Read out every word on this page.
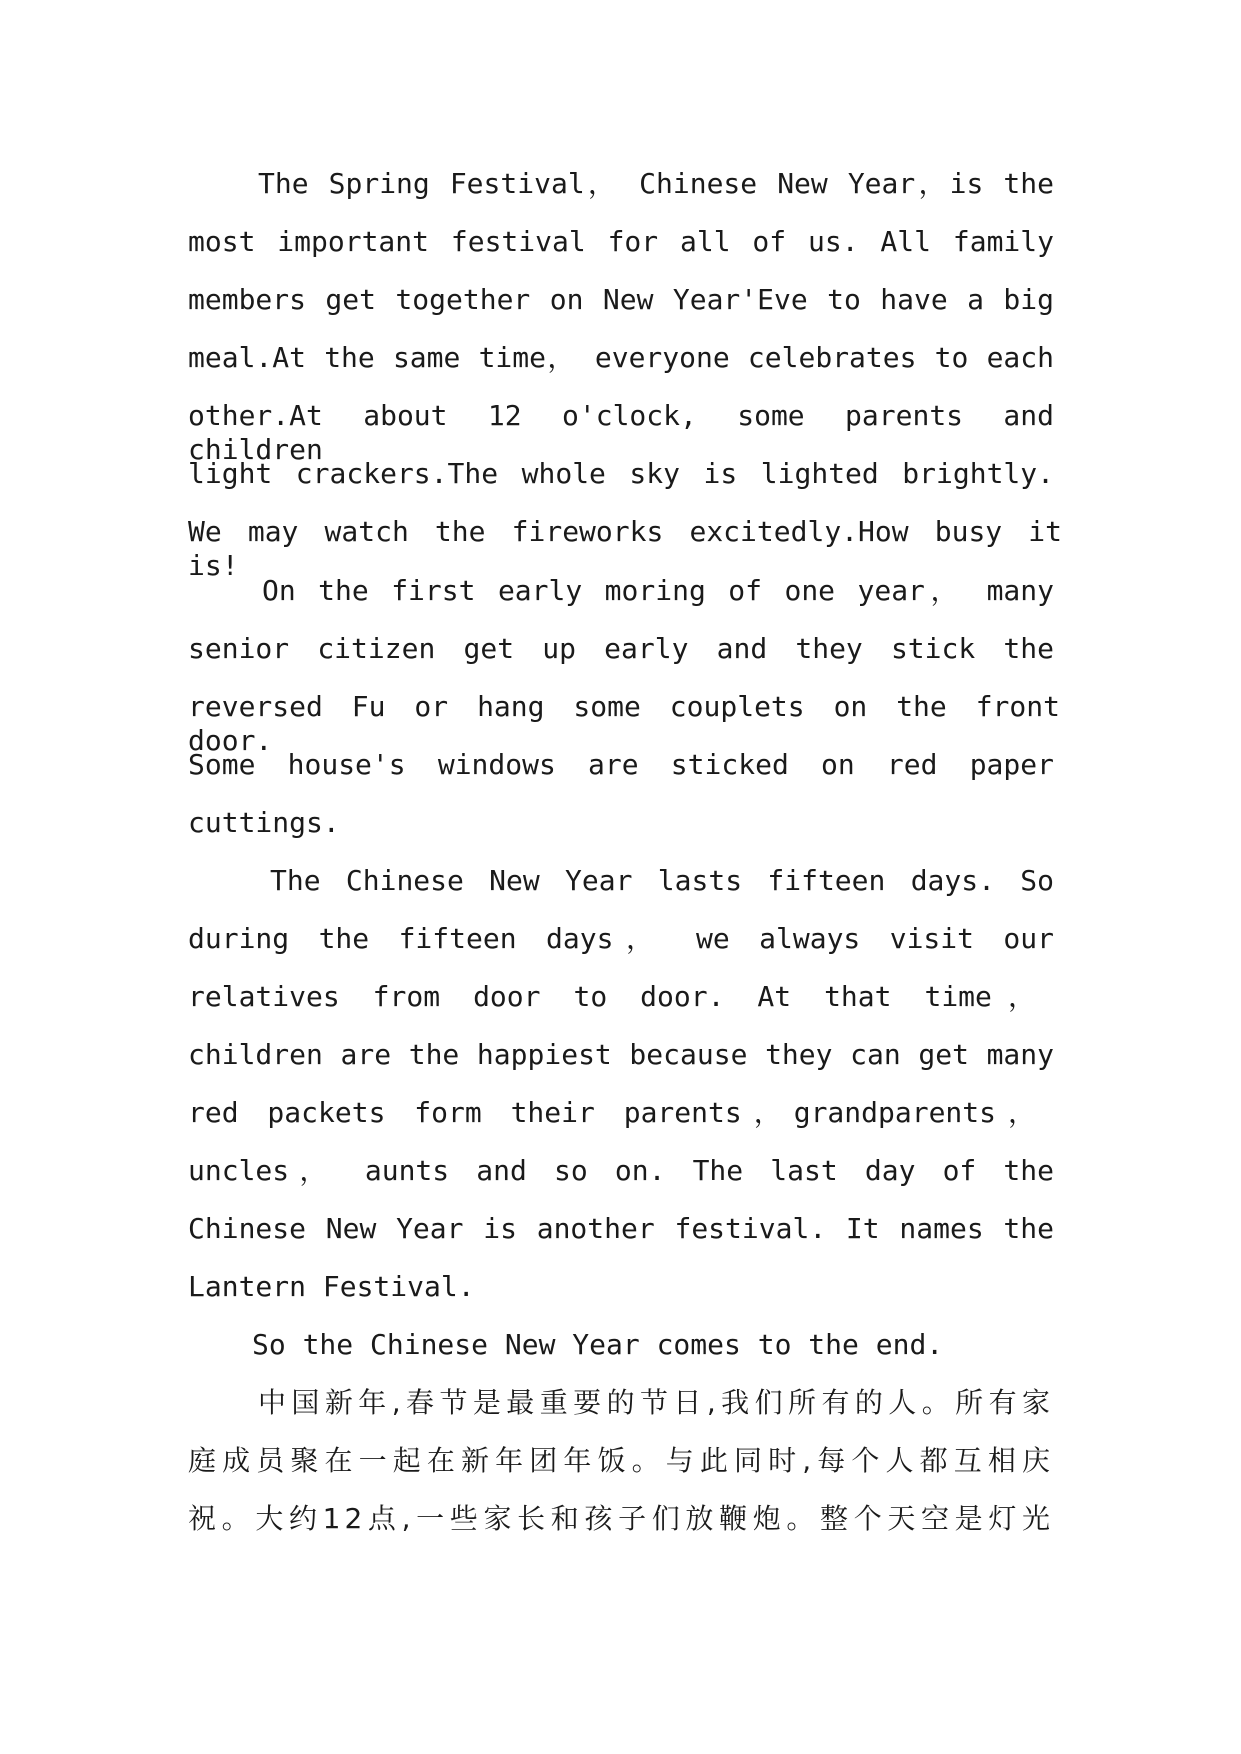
The Spring Festival， Chinese New Year，is the
most important festival for all of us. All family
members get together on New Year'Eve to have a big
meal.At the same time， everyone celebrates to each
other.At about 12 o'clock, some parents and children
light crackers.The whole sky is lighted brightly.
We may watch the fireworks excitedly.How busy it is!
On the first early moring of one year， many
senior citizen get up early and they stick the
reversed Fu or hang some couplets on the front door.
Some house's windows are sticked on red paper
cuttings.
The Chinese New Year lasts fifteen days. So
during the fifteen days， we always visit our
relatives from door to door. At that time，
children are the happiest because they can get many
red packets form their parents，grandparents，
uncles， aunts and so on. The last day of the
Chinese New Year is another festival. It names the
Lantern Festival.
So the Chinese New Year comes to the end.
中国新年,春节是最重要的节日,我们所有的人。所有家
庭成员聚在一起在新年团年饭。与此同时,每个人都互相庆
祝。大约12点,一些家长和孩子们放鞭炮。整个天空是灯光
